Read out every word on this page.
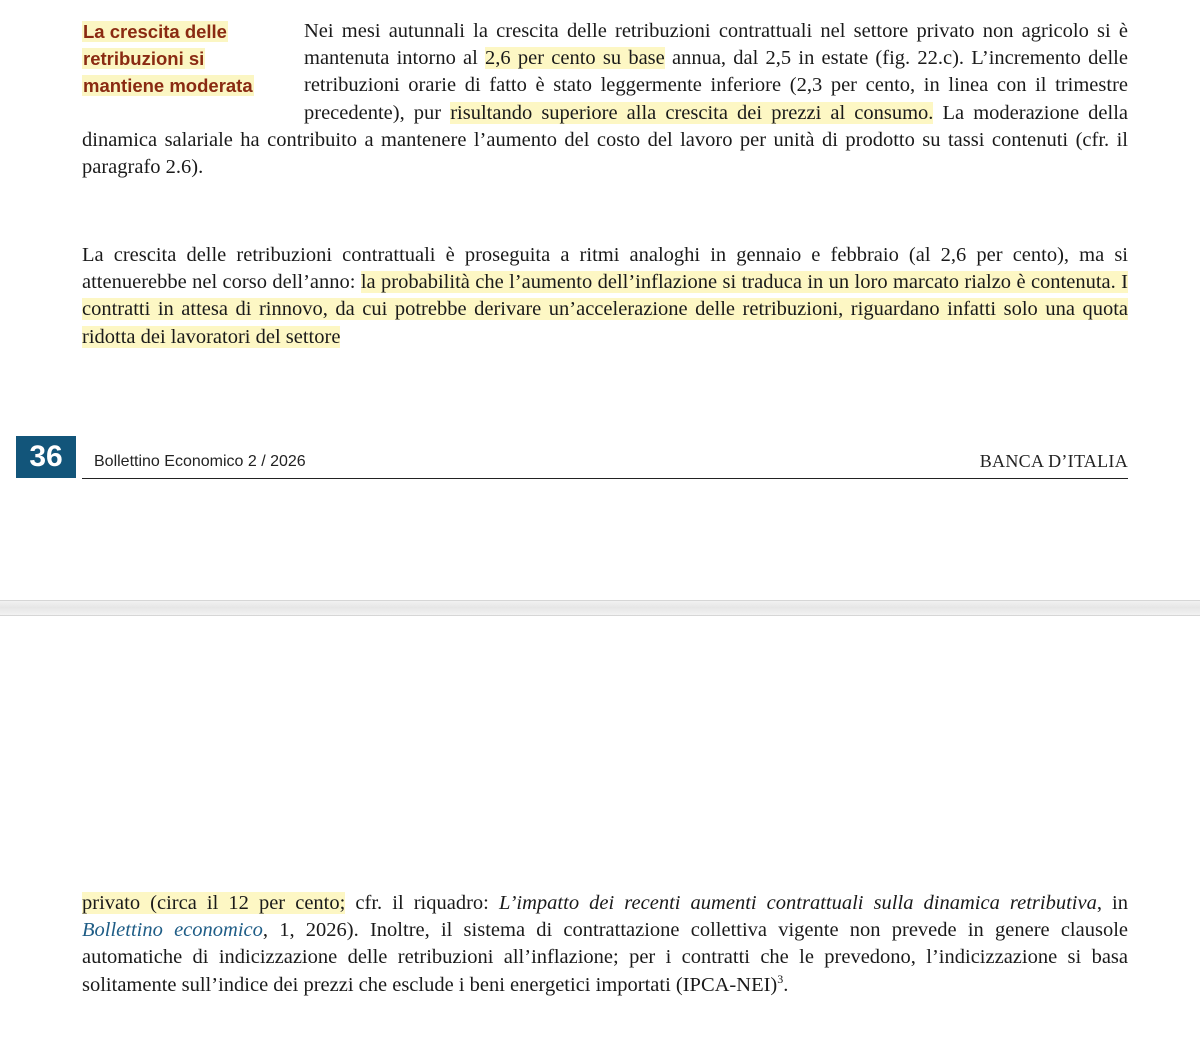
La crescita delle
retribuzioni si
mantiene moderata
Nei mesi autunnali la crescita delle retribuzioni contrattuali nel settore privato non agricolo si è mantenuta intorno al 2,6 per cento su base annua, dal 2,5 in estate (fig. 22.c). L’incremento delle retribuzioni orarie di fatto è stato leggermente inferiore (2,3 per cento, in linea con il trimestre precedente), pur risultando superiore alla crescita dei prezzi al consumo. La moderazione della dinamica salariale ha contribuito a mantenere l’aumento del costo del lavoro per unità di prodotto su tassi contenuti (cfr. il paragrafo 2.6).
La crescita delle retribuzioni contrattuali è proseguita a ritmi analoghi in gennaio e febbraio (al 2,6 per cento), ma si attenuerebbe nel corso dell’anno: la probabilità che l’aumento dell’inflazione si traduca in un loro marcato rialzo è contenuta. I contratti in attesa di rinnovo, da cui potrebbe derivare un’accelerazione delle retribuzioni, riguardano infatti solo una quota ridotta dei lavoratori del settore
36	Bollettino Economico 2 / 2026	BANCA D’ITALIA
privato (circa il 12 per cento; cfr. il riquadro: L’impatto dei recenti aumenti contrattuali sulla dinamica retributiva, in Bollettino economico, 1, 2026). Inoltre, il sistema di contrattazione collettiva vigente non prevede in genere clausole automatiche di indicizzazione delle retribuzioni all’inflazione; per i contratti che le prevedono, l’indicizzazione si basa solitamente sull’indice dei prezzi che esclude i beni energetici importati (IPCA-NEI)$^3$.
